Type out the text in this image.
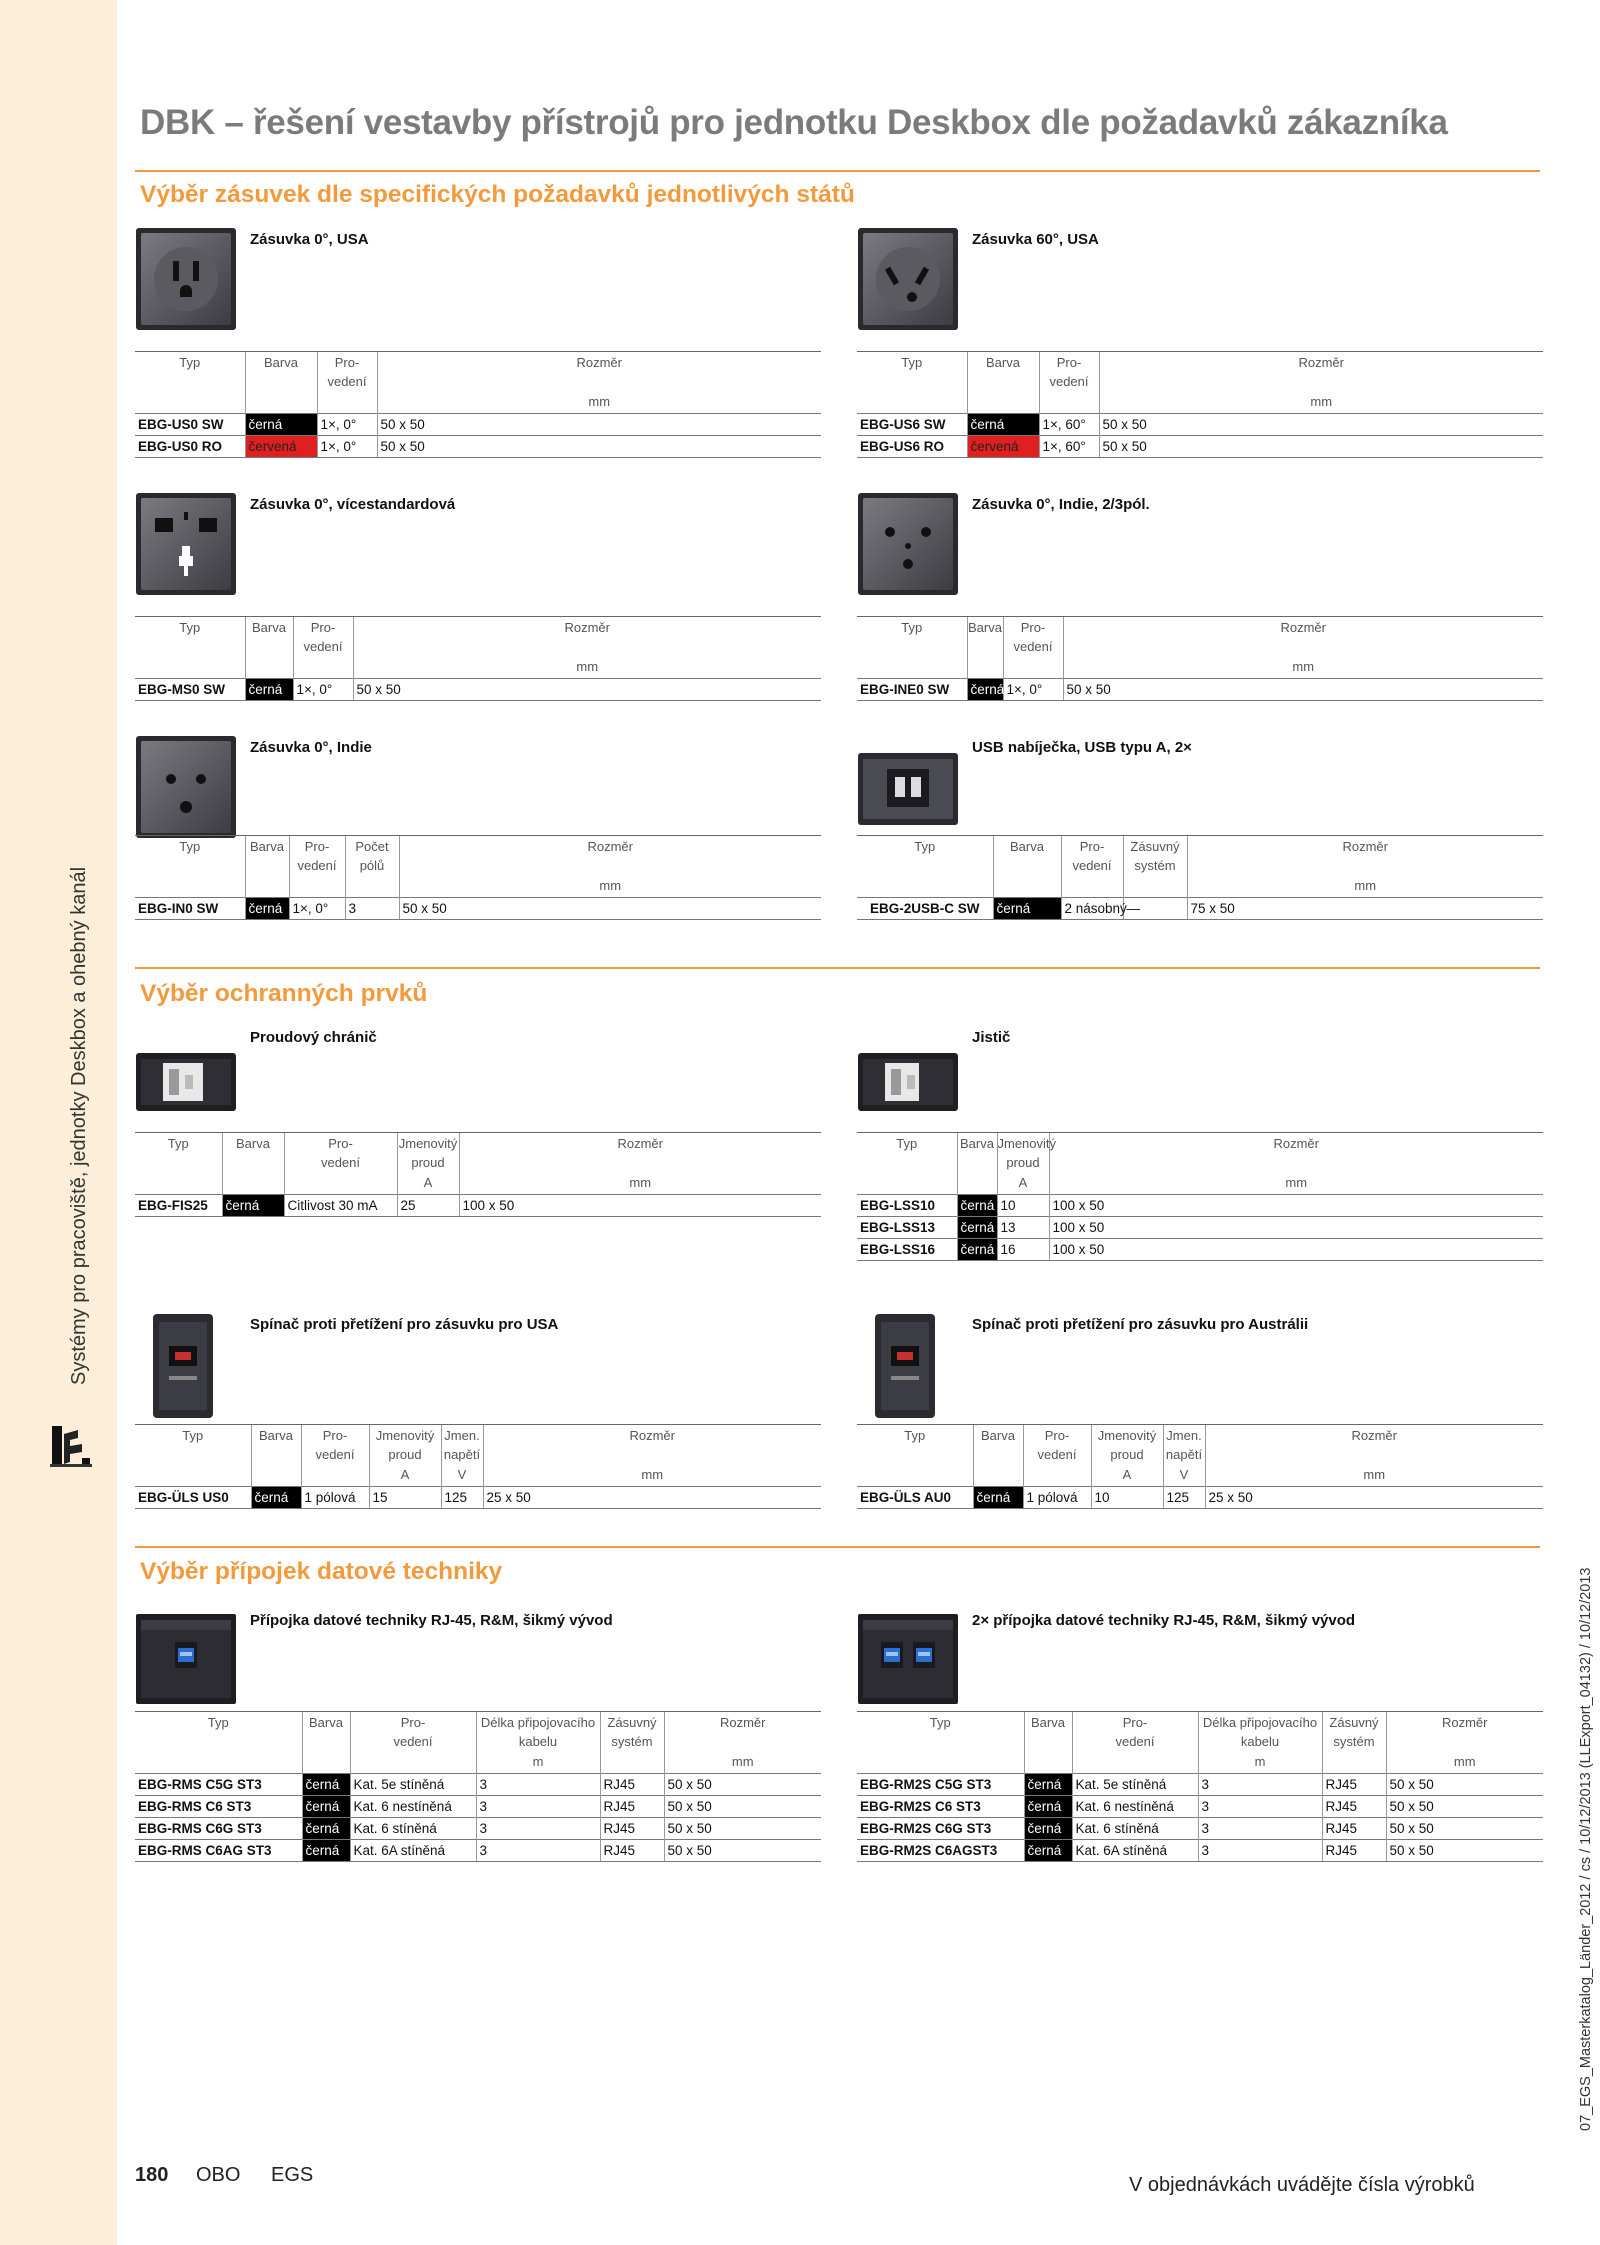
Systémy pro pracoviště, jednotky Deskbox a ohebný kanál
07_EGS_Masterkatalog_Länder_2012 / cs / 10/12/2013 (LLExport_04132) / 10/12/2013
DBK – řešení vestavby přístrojů pro jednotku Deskbox dle požadavků zákazníka
Výběr zásuvek dle specifických požadavků jednotlivých států
Výběr ochranných prvků
Výběr přípojek datové techniky
Zásuvka 0°, USA
Typ	Barva	Pro-
vedení	Rozměr
			mm
EBG-US0 SW	černá	1×, 0°	50 x 50
EBG-US0 RO	červená	1×, 0°	50 x 50
Zásuvka 60°, USA
Typ	Barva	Pro-
vedení	Rozměr
			mm
EBG-US6 SW	černá	1×, 60°	50 x 50
EBG-US6 RO	červená	1×, 60°	50 x 50
Zásuvka 0°, vícestandardová
Typ	Barva	Pro-
vedení	Rozměr
			mm
EBG-MS0 SW	černá	1×, 0°	50 x 50
Zásuvka 0°, Indie, 2/3pól.
Typ	Barva	Pro-
vedení	Rozměr
			mm
EBG-INE0 SW	černá	1×, 0°	50 x 50
Zásuvka 0°, Indie
Typ	Barva	Pro-
vedení	Počet
pólů	Rozměr
				mm
EBG-IN0 SW	černá	1×, 0°	3	50 x 50
USB nabíječka, USB typu A, 2×
Typ	Barva	Pro-
vedení	Zásuvný
systém	Rozměr
				mm
EBG-2USB-C SW	černá	2 násobný	—	75 x 50
Proudový chránič
Typ	Barva	Pro-
vedení	Jmenovitý
proud	Rozměr
			A	mm
EBG-FIS25	černá	Citlivost 30 mA	25	100 x 50
Jistič
Typ	Barva	Jmenovitý
proud	Rozměr
		A	mm
EBG-LSS10	černá	10	100 x 50
EBG-LSS13	černá	13	100 x 50
EBG-LSS16	černá	16	100 x 50
Spínač proti přetížení pro zásuvku pro USA
Typ	Barva	Pro-
vedení	Jmenovitý
proud	Jmen.
napětí	Rozměr
			A	V	mm
EBG-ÜLS US0	černá	1 pólová	15	125	25 x 50
Spínač proti přetížení pro zásuvku pro Austrálii
Typ	Barva	Pro-
vedení	Jmenovitý
proud	Jmen.
napětí	Rozměr
			A	V	mm
EBG-ÜLS AU0	černá	1 pólová	10	125	25 x 50
Přípojka datové techniky RJ-45, R&M, šikmý vývod
Typ	Barva	Pro-
vedení	Délka připojovacího
kabelu	Zásuvný
systém	Rozměr
			m		mm
EBG-RMS C5G ST3	černá	Kat. 5e stíněná	3	RJ45	50 x 50
EBG-RMS C6 ST3	černá	Kat. 6 nestíněná	3	RJ45	50 x 50
EBG-RMS C6G ST3	černá	Kat. 6 stíněná	3	RJ45	50 x 50
EBG-RMS C6AG ST3	černá	Kat. 6A stíněná	3	RJ45	50 x 50
2× přípojka datové techniky RJ-45, R&M, šikmý vývod
Typ	Barva	Pro-
vedení	Délka připojovacího
kabelu	Zásuvný
systém	Rozměr
			m		mm
EBG-RM2S C5G ST3	černá	Kat. 5e stíněná	3	RJ45	50 x 50
EBG-RM2S C6 ST3	černá	Kat. 6 nestíněná	3	RJ45	50 x 50
EBG-RM2S C6G ST3	černá	Kat. 6 stíněná	3	RJ45	50 x 50
EBG-RM2S C6AGST3	černá	Kat. 6A stíněná	3	RJ45	50 x 50
180 OBO EGS	V objednávkách uvádějte čísla výrobků
